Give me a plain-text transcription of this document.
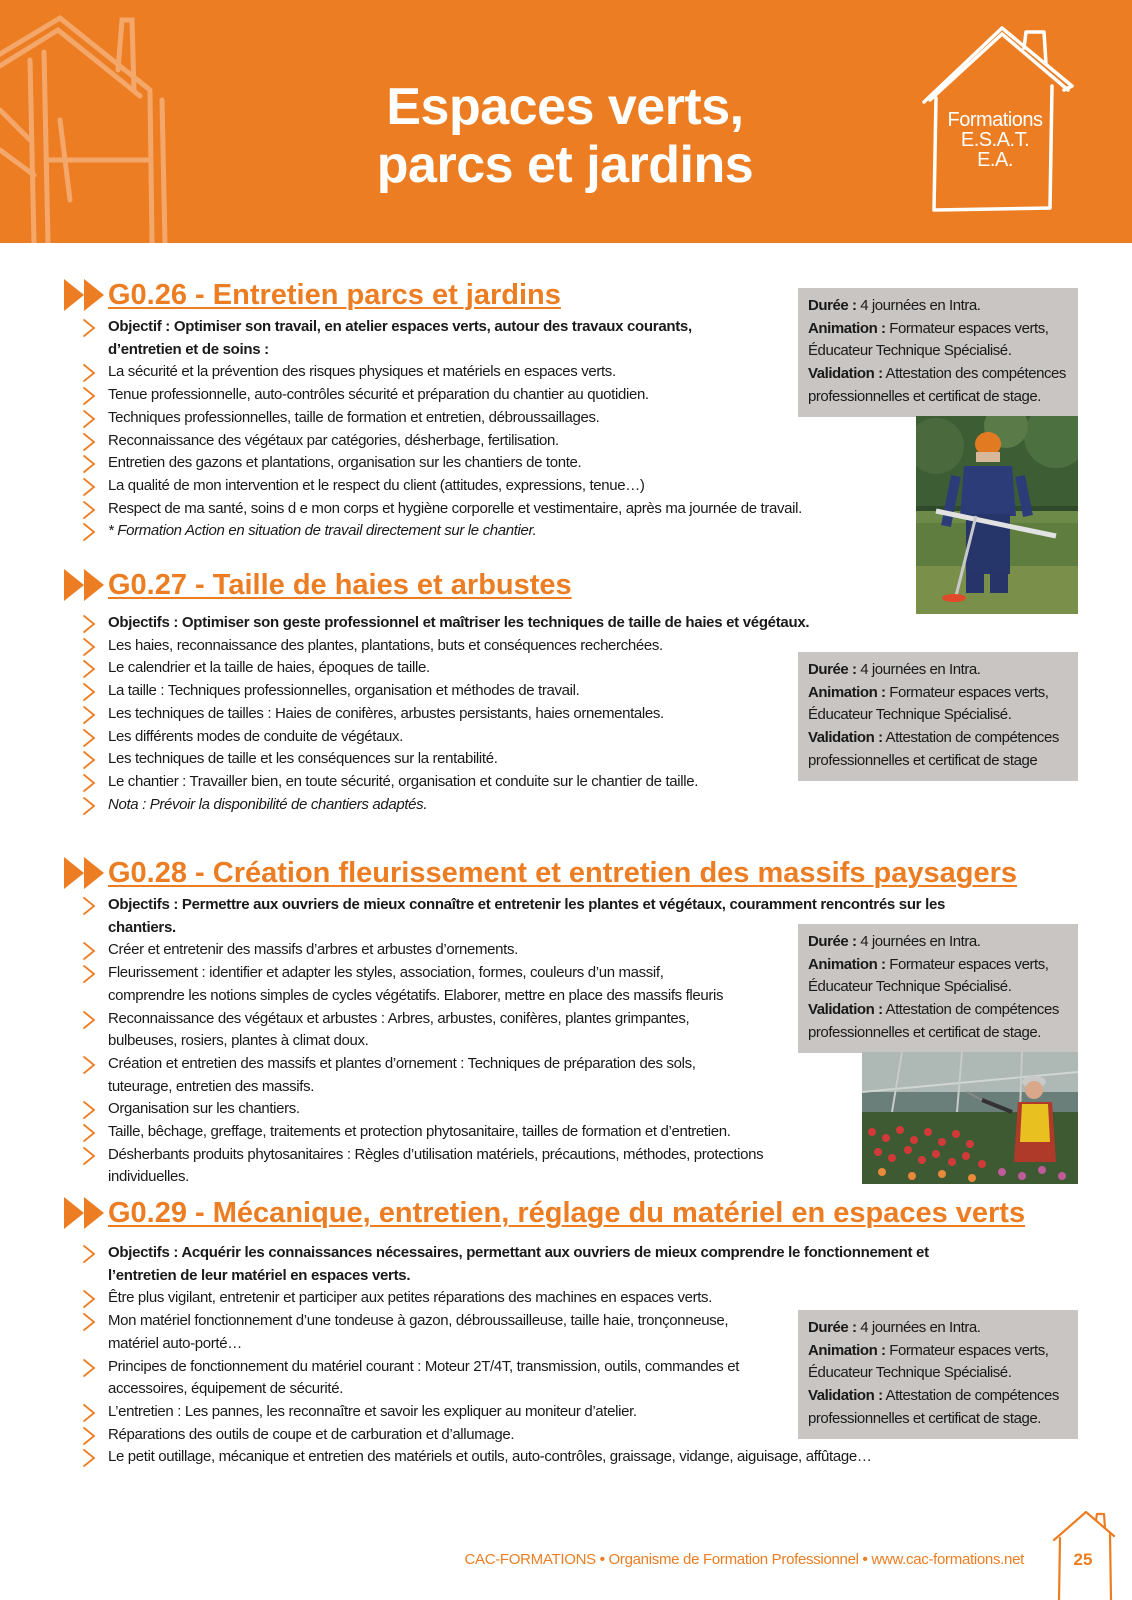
Espaces verts,
parcs et jardins
Formations
E.S.A.T.
E.A.
G0.26 - Entretien parcs et jardins
Objectif : Optimiser son travail, en atelier espaces verts, autour des travaux courants,
d’entretien et de soins :
La sécurité et la prévention des risques physiques et matériels en espaces verts.
Tenue professionnelle, auto-contrôles sécurité et préparation du chantier au quotidien.
Techniques professionnelles, taille de formation et entretien, débroussaillages.
Reconnaissance des végétaux par catégories, désherbage, fertilisation.
Entretien des gazons et plantations, organisation sur les chantiers de tonte.
La qualité de mon intervention et le respect du client (attitudes, expressions, tenue…)
Respect de ma santé, soins d e mon corps et hygiène corporelle et vestimentaire, après ma journée de travail.
* Formation Action en situation de travail directement sur le chantier.
Durée : 4 journées en Intra.
Animation : Formateur espaces verts,
Éducateur Technique Spécialisé.
Validation : Attestation des compétences
professionnelles et certificat de stage.
G0.27 - Taille de haies et arbustes
Objectifs : Optimiser son geste professionnel et maîtriser les techniques de taille de haies et végétaux.
Les haies, reconnaissance des plantes, plantations, buts et conséquences recherchées.
Le calendrier et la taille de haies, époques de taille.
La taille : Techniques professionnelles, organisation et méthodes de travail.
Les techniques de tailles : Haies de conifères, arbustes persistants, haies ornementales.
Les différents modes de conduite de végétaux.
Les techniques de taille et les conséquences sur la rentabilité.
Le chantier : Travailler bien, en toute sécurité, organisation et conduite sur le chantier de taille.
Nota : Prévoir la disponibilité de chantiers adaptés.
Durée : 4 journées en Intra.
Animation : Formateur espaces verts,
Éducateur Technique Spécialisé.
Validation : Attestation de compétences
professionnelles et certificat de stage
G0.28 - Création fleurissement et entretien des massifs paysagers
Objectifs : Permettre aux ouvriers de mieux connaître et entretenir les plantes et végétaux, couramment rencontrés sur les
chantiers.
Créer et entretenir des massifs d’arbres et arbustes d’ornements.
Fleurissement : identifier et adapter les styles, association, formes, couleurs d’un massif,
comprendre les notions simples de cycles végétatifs. Elaborer, mettre en place des massifs fleuris
Reconnaissance des végétaux et arbustes : Arbres, arbustes, conifères, plantes grimpantes,
bulbeuses, rosiers, plantes à climat doux.
Création et entretien des massifs et plantes d’ornement : Techniques de préparation des sols,
tuteurage, entretien des massifs.
Organisation sur les chantiers.
Taille, bêchage, greffage, traitements et protection phytosanitaire, tailles de formation et d’entretien.
Désherbants produits phytosanitaires : Règles d’utilisation matériels, précautions, méthodes, protections
individuelles.
Durée : 4 journées en Intra.
Animation : Formateur espaces verts,
Éducateur Technique Spécialisé.
Validation : Attestation de compétences
professionnelles et certificat de stage.
G0.29 - Mécanique, entretien, réglage du matériel en espaces verts
Objectifs : Acquérir les connaissances nécessaires, permettant aux ouvriers de mieux comprendre le fonctionnement et
l’entretien de leur matériel en espaces verts.
Être plus vigilant, entretenir et participer aux petites réparations des machines en espaces verts.
Mon matériel fonctionnement d’une tondeuse à gazon, débroussailleuse, taille haie, tronçonneuse,
matériel auto-porté…
Principes de fonctionnement du matériel courant : Moteur 2T/4T, transmission, outils, commandes et
accessoires, équipement de sécurité.
L’entretien : Les pannes, les reconnaître et savoir les expliquer au moniteur d’atelier.
Réparations des outils de coupe et de carburation et d’allumage.
Le petit outillage, mécanique et entretien des matériels et outils, auto-contrôles, graissage, vidange, aiguisage, affûtage…
Durée : 4 journées en Intra.
Animation : Formateur espaces verts,
Éducateur Technique Spécialisé.
Validation : Attestation de compétences
professionnelles et certificat de stage.
CAC-FORMATIONS • Organisme de Formation Professionnel • www.cac-formations.net	25
